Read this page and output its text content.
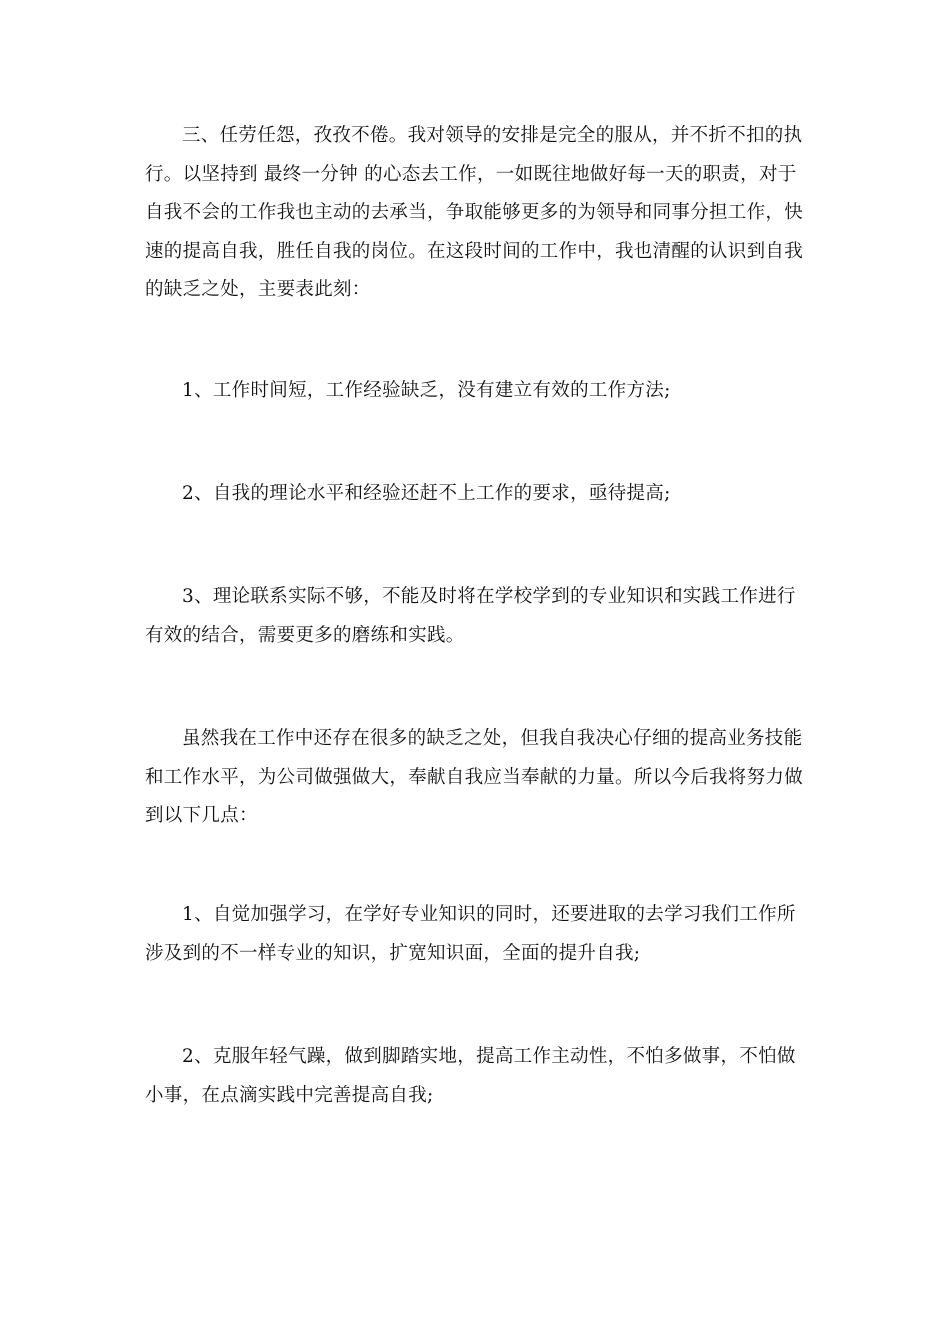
三、任劳任怨，孜孜不倦。我对领导的安排是完全的服从，并不折不扣的执行。以坚持到 最终一分钟 的心态去工作，一如既往地做好每一天的职责，对于自我不会的工作我也主动的去承当，争取能够更多的为领导和同事分担工作，快速的提高自我，胜任自我的岗位。在这段时间的工作中，我也清醒的认识到自我的缺乏之处，主要表此刻：

1、工作时间短，工作经验缺乏，没有建立有效的工作方法;

2、自我的理论水平和经验还赶不上工作的要求，亟待提高;

3、理论联系实际不够，不能及时将在学校学到的专业知识和实践工作进行有效的结合，需要更多的磨练和实践。

虽然我在工作中还存在很多的缺乏之处，但我自我决心仔细的提高业务技能和工作水平，为公司做强做大，奉献自我应当奉献的力量。所以今后我将努力做到以下几点：

1、自觉加强学习，在学好专业知识的同时，还要进取的去学习我们工作所涉及到的不一样专业的知识，扩宽知识面，全面的提升自我;

2、克服年轻气躁，做到脚踏实地，提高工作主动性，不怕多做事，不怕做小事，在点滴实践中完善提高自我;
